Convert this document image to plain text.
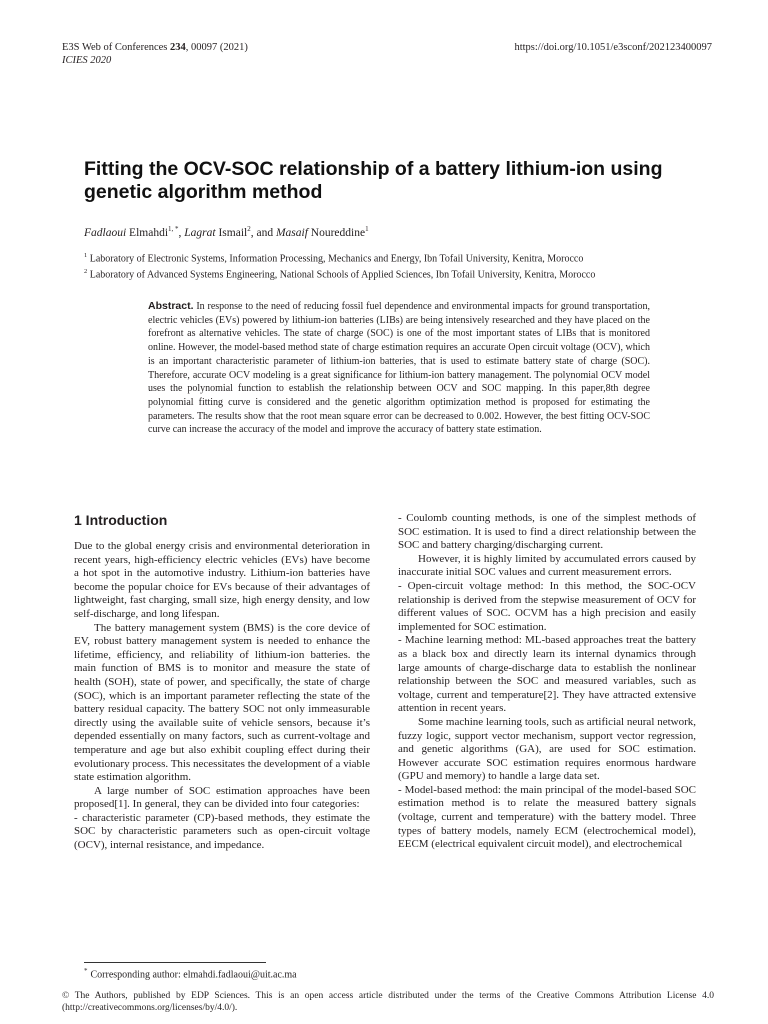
E3S Web of Conferences 234, 00097 (2021)
ICIES 2020
https://doi.org/10.1051/e3sconf/202123400097
Fitting the OCV-SOC relationship of a battery lithium-ion using genetic algorithm method
Fadlaoui Elmahdi$^{1, *}$, Lagrat Ismail$^2$, and Masaif Noureddine$^1$
$^1$ Laboratory of Electronic Systems, Information Processing, Mechanics and Energy, Ibn Tofail University, Kenitra, Morocco
$^2$ Laboratory of Advanced Systems Engineering, National Schools of Applied Sciences, Ibn Tofail University, Kenitra, Morocco
Abstract. In response to the need of reducing fossil fuel dependence and environmental impacts for ground transportation, electric vehicles (EVs) powered by lithium-ion batteries (LIBs) are being intensively researched and they have placed on the forefront as alternative vehicles. The state of charge (SOC) is one of the most important states of LIBs that is monitored online. However, the model-based method state of charge estimation requires an accurate Open circuit voltage (OCV), which is an important characteristic parameter of lithium-ion batteries, that is used to estimate battery state of charge (SOC). Therefore, accurate OCV modeling is a great significance for lithium-ion battery management. The polynomial OCV model uses the polynomial function to establish the relationship between OCV and SOC mapping. In this paper,8th degree polynomial fitting curve is considered and the genetic algorithm optimization method is proposed for estimating the parameters. The results show that the root mean square error can be decreased to 0.002. However, the best fitting OCV-SOC curve can increase the accuracy of the model and improve the accuracy of battery state estimation.
1 Introduction

Due to the global energy crisis and environmental deterioration in recent years, high-efficiency electric vehicles (EVs) have become a hot spot in the automotive industry. Lithium-ion batteries have become the popular choice for EVs because of their advantages of lightweight, fast charging, small size, high energy density, and low self-discharge, and long lifespan.

The battery management system (BMS) is the core device of EV, robust battery management system is needed to enhance the lifetime, efficiency, and reliability of lithium-ion batteries. the main function of BMS is to monitor and measure the state of health (SOH), state of power, and specifically, the state of charge (SOC), which is an important parameter reflecting the state of the battery residual capacity. The battery SOC not only immeasurable directly using the available suite of vehicle sensors, because it’s depended essentially on many factors, such as current-voltage and temperature and age but also exhibit coupling effect during their evolutionary process. This necessitates the development of a viable state estimation algorithm.

A large number of SOC estimation approaches have been proposed[1]. In general, they can be divided into four categories:

- characteristic parameter (CP)-based methods, they estimate the SOC by characteristic parameters such as open-circuit voltage (OCV), internal resistance, and impedance.

- Coulomb counting methods, is one of the simplest methods of SOC estimation. It is used to find a direct relationship between the SOC and battery charging/discharging current.

However, it is highly limited by accumulated errors caused by inaccurate initial SOC values and current measurement errors.

- Open-circuit voltage method: In this method, the SOC-OCV relationship is derived from the stepwise measurement of OCV for different values of SOC. OCVM has a high precision and easily implemented for SOC estimation.

- Machine learning method: ML-based approaches treat the battery as a black box and directly learn its internal dynamics through large amounts of charge-discharge data to establish the nonlinear relationship between the SOC and measured variables, such as voltage, current and temperature[2]. They have attracted extensive attention in recent years.

Some machine learning tools, such as artificial neural network, fuzzy logic, support vector mechanism, support vector regression, and genetic algorithms (GA), are used for SOC estimation. However accurate SOC estimation requires enormous hardware (GPU and memory) to handle a large data set.

- Model-based method: the main principal of the model-based SOC estimation method is to relate the measured battery signals (voltage, current and temperature) with the battery model. Three types of battery models, namely ECM (electrochemical model), EECM (electrical equivalent circuit model), and electrochemical

* Corresponding author: elmahdi.fadlaoui@uit.ac.ma
© The Authors, published by EDP Sciences. This is an open access article distributed under the terms of the Creative Commons Attribution License 4.0 (http://creativecommons.org/licenses/by/4.0/).
